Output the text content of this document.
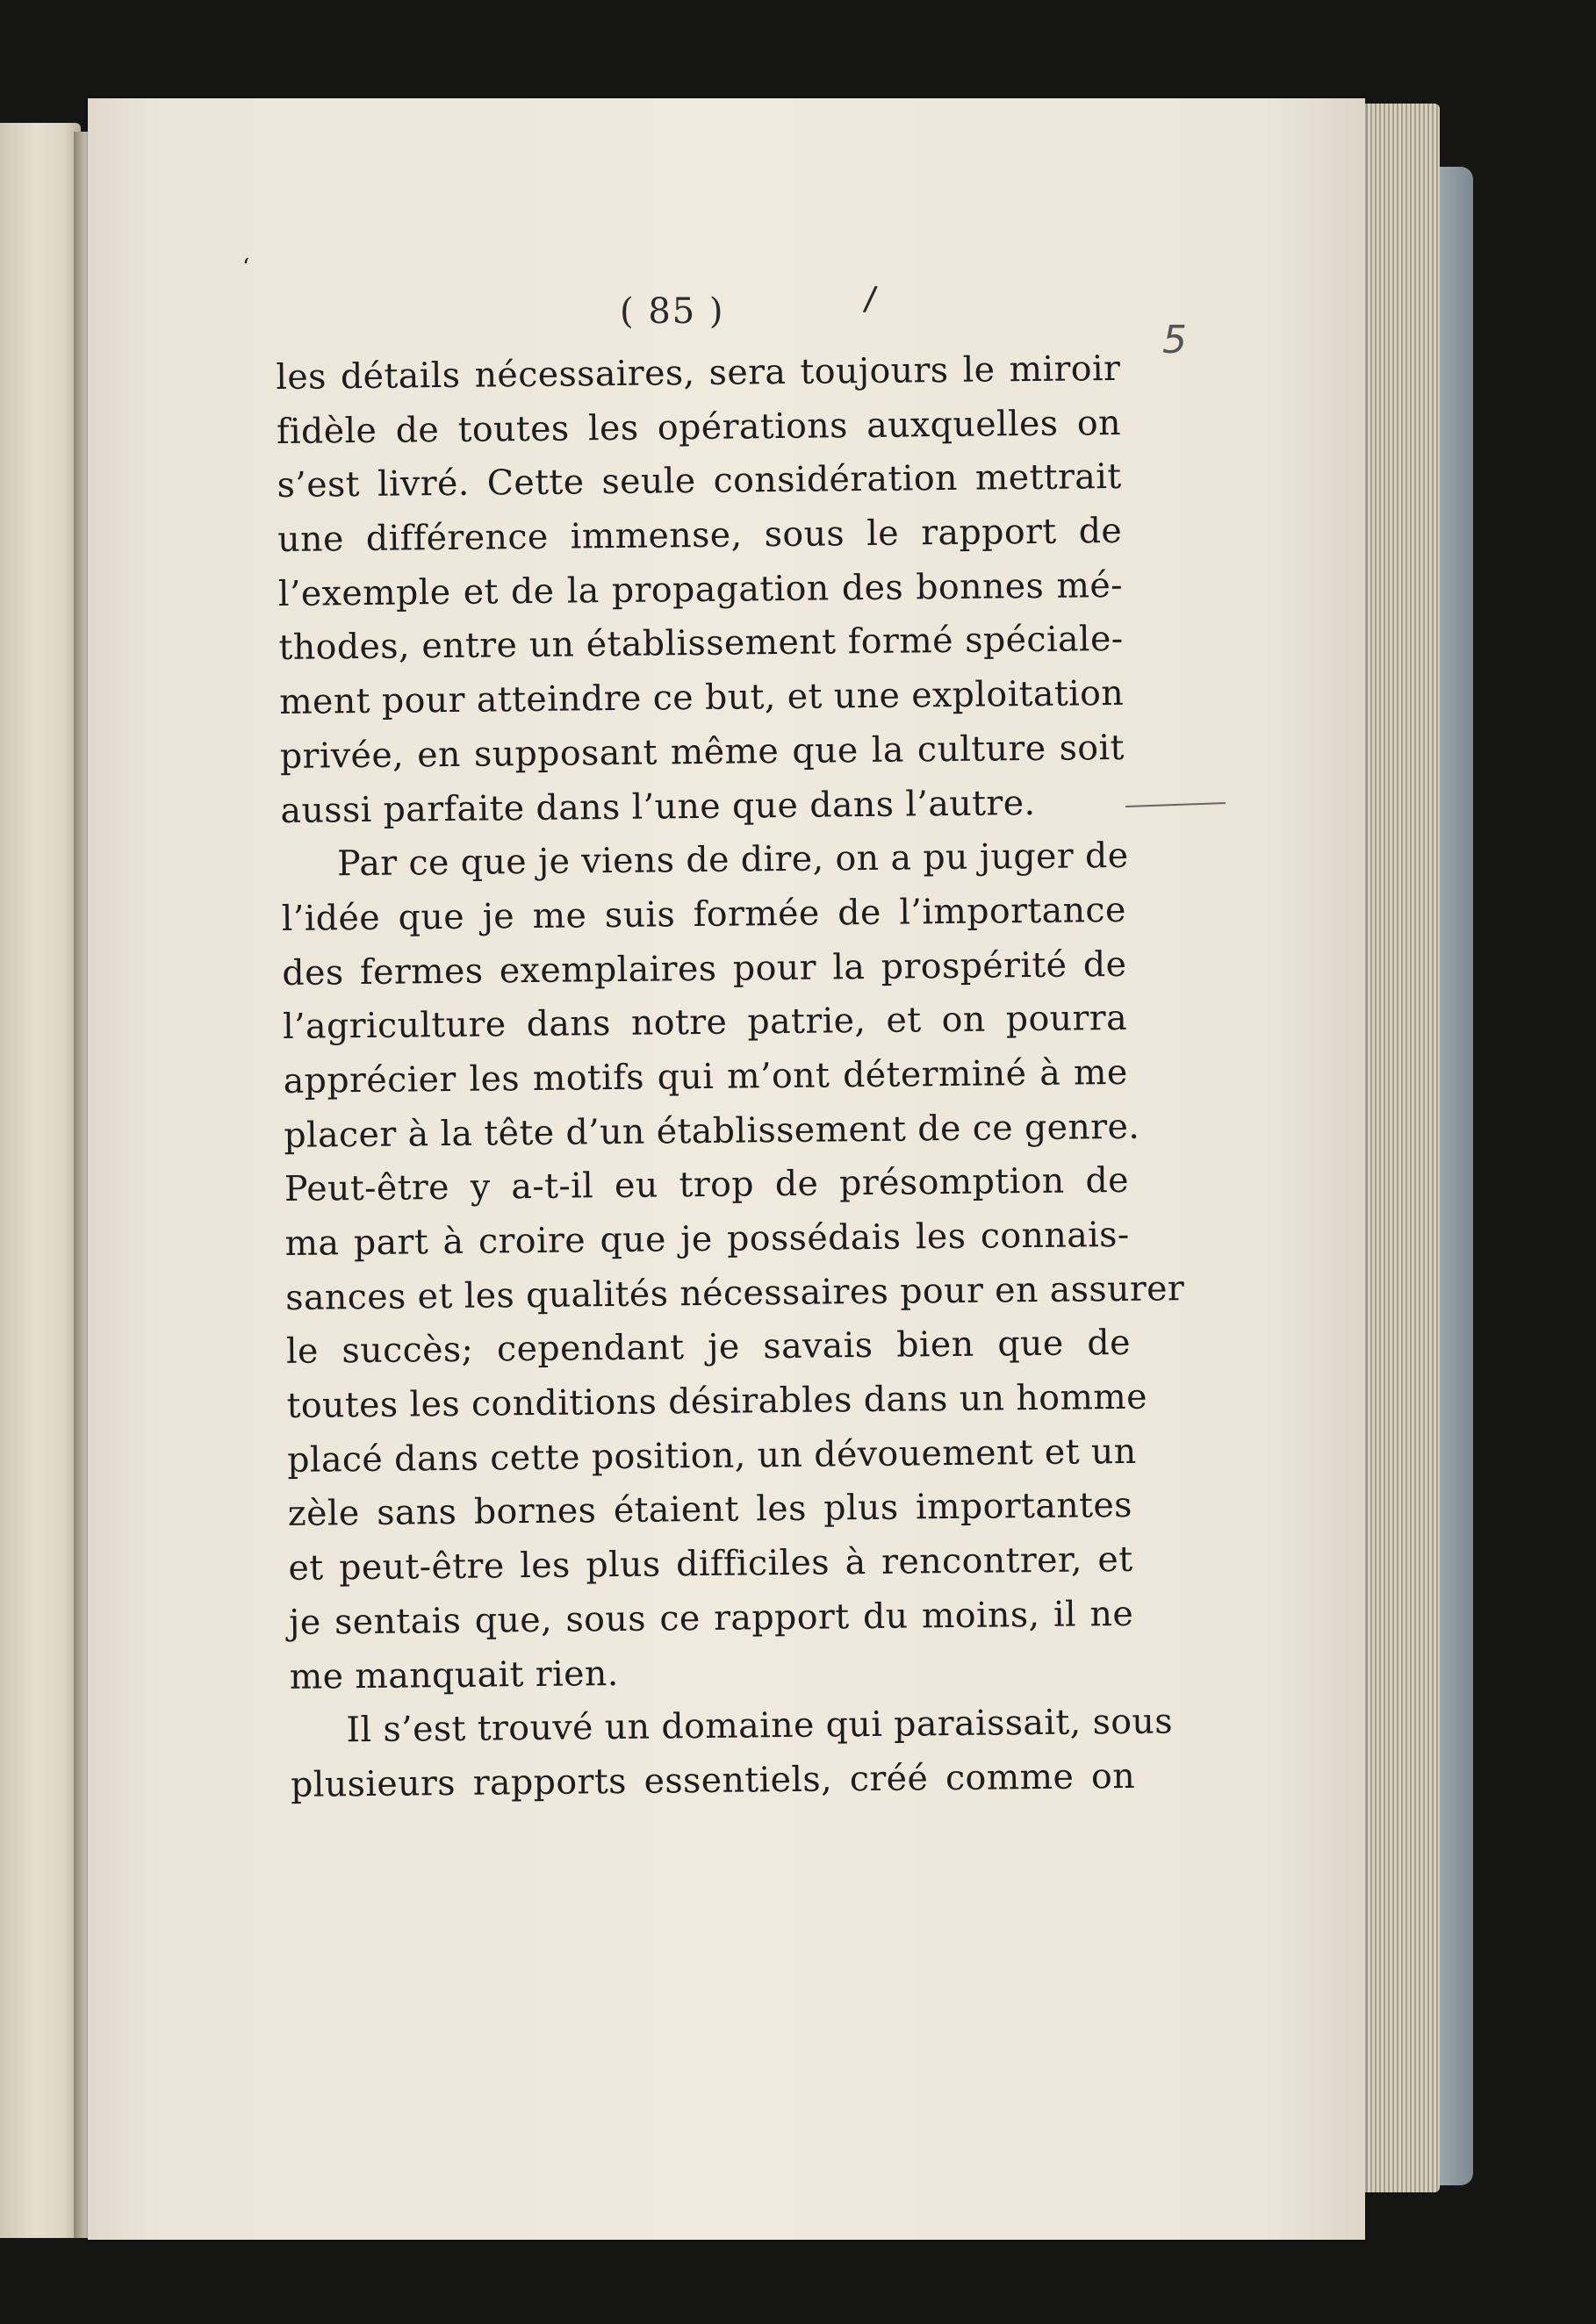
‘
/
5
( 85 )
les détails nécessaires, sera toujours le miroir
fidèle de toutes les opérations auxquelles on
s’est livré. Cette seule considération mettrait
une différence immense, sous le rapport de
l’exemple et de la propagation des bonnes mé-
thodes, entre un établissement formé spéciale-
ment pour atteindre ce but, et une exploitation
privée, en supposant même que la culture soit
aussi parfaite dans l’une que dans l’autre.
Par ce que je viens de dire, on a pu juger de
l’idée que je me suis formée de l’importance
des fermes exemplaires pour la prospérité de
l’agriculture dans notre patrie, et on pourra
apprécier les motifs qui m’ont déterminé à me
placer à la tête d’un établissement de ce genre.
Peut-être y a-t-il eu trop de présomption de
ma part à croire que je possédais les connais-
sances et les qualités nécessaires pour en assurer
le succès; cependant je savais bien que de
toutes les conditions désirables dans un homme
placé dans cette position, un dévouement et un
zèle sans bornes étaient les plus importantes
et peut-être les plus difficiles à rencontrer, et
je sentais que, sous ce rapport du moins, il ne
me manquait rien.
Il s’est trouvé un domaine qui paraissait, sous
plusieurs rapports essentiels, créé comme on
